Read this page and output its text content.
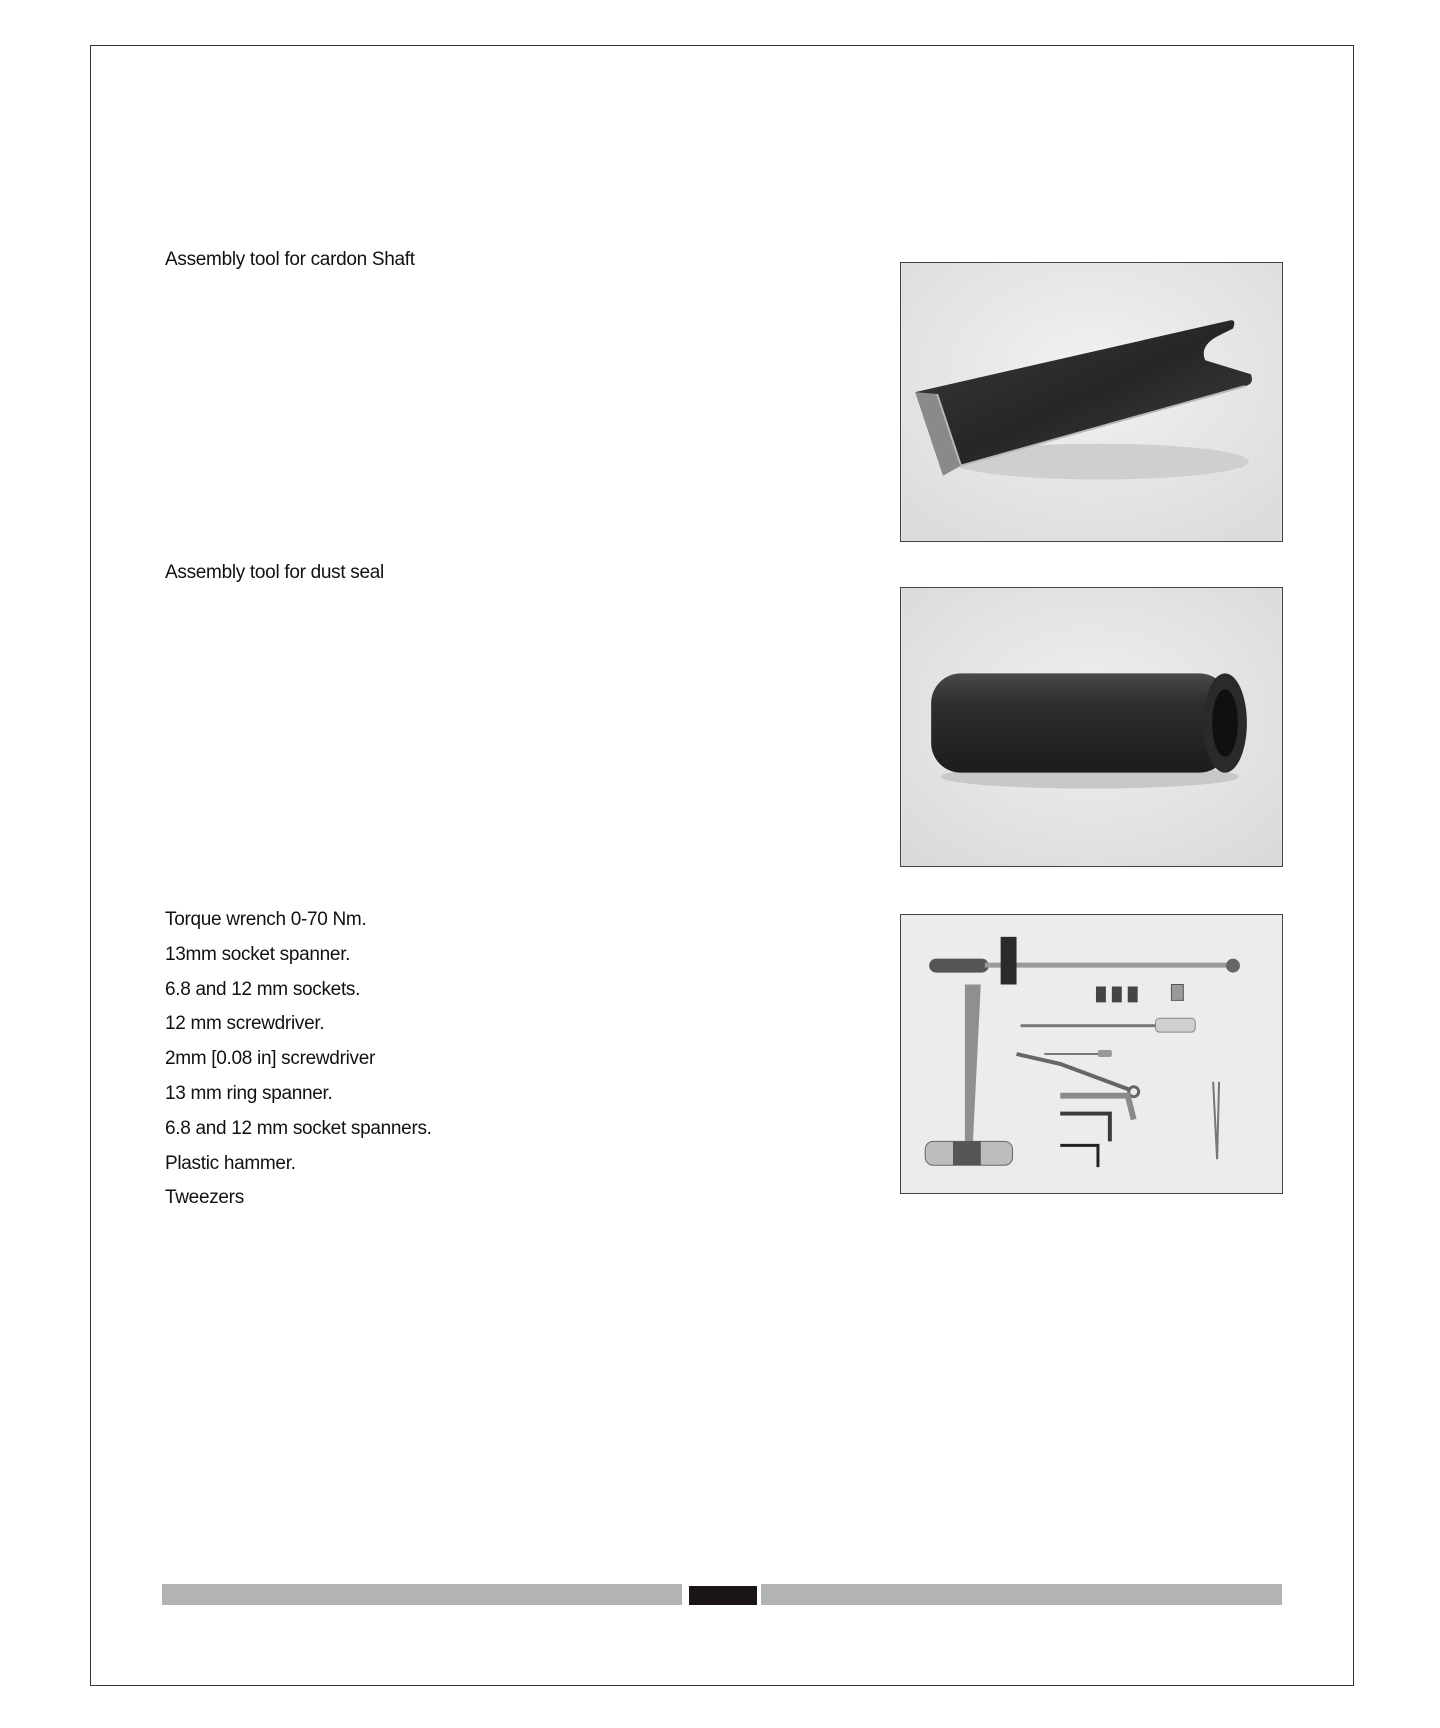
Assembly tool for cardon Shaft
Assembly tool for dust seal
Torque wrench 0-70 Nm.
13mm socket spanner.
6.8 and 12 mm sockets.
12 mm screwdriver.
2mm [0.08 in] screwdriver
13 mm ring spanner.
6.8 and 12 mm socket spanners.
Plastic hammer.
Tweezers
